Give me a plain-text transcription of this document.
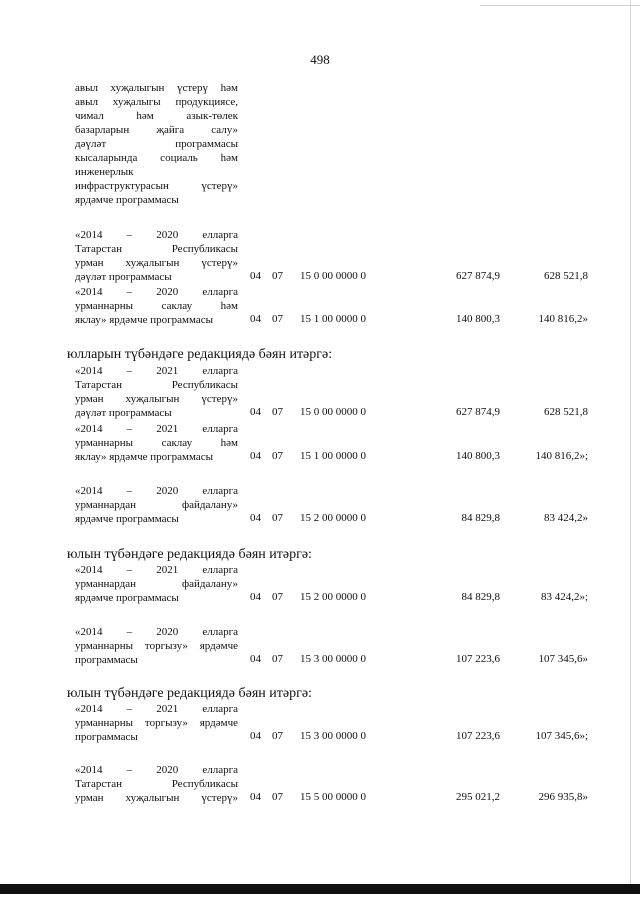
498
авыл хуҗалыгын үстерү һәм
авыл хуҗалыгы продукциясе,
чимал һәм азык-төлек
базарларын җайга салу»
дәүләт программасы
кысаларында социаль һәм
инженерлык
инфраструктурасын үстерү»
ярдәмче программасы
«2014 – 2020 елларга
Татарстан Республикасы
урман хуҗалыгын үстерү»
дәүләт программасы	04 07 15 0 00 0000 0	627 874,9	628 521,8
«2014 – 2020 елларга
урманнарны саклау һәм
яклау» ярдәмче программасы	04 07 15 1 00 0000 0	140 800,3	140 816,2»
юлларын түбәндәге редакциядә бәян итәргә:
«2014 – 2021 елларга
Татарстан Республикасы
урман хуҗалыгын үстерү»
дәүләт программасы	04 07 15 0 00 0000 0	627 874,9	628 521,8
«2014 – 2021 елларга
урманнарны саклау һәм
яклау» ярдәмче программасы	04 07 15 1 00 0000 0	140 800,3	140 816,2»;
«2014 – 2020 елларга
урманнардан файдалану»
ярдәмче программасы	04 07 15 2 00 0000 0	84 829,8	83 424,2»
юлын түбәндәге редакциядә бәян итәргә:
«2014 – 2021 елларга
урманнардан файдалану»
ярдәмче программасы	04 07 15 2 00 0000 0	84 829,8	83 424,2»;
«2014 – 2020 елларга
урманнарны торгызу» ярдәмче
программасы	04 07 15 3 00 0000 0	107 223,6	107 345,6»
юлын түбәндәге редакциядә бәян итәргә:
«2014 – 2021 елларга
урманнарны торгызу» ярдәмче
программасы	04 07 15 3 00 0000 0	107 223,6	107 345,6»;
«2014 – 2020 елларга
Татарстан Республикасы
урман хуҗалыгын үстерү» 04 07 15 5 00 0000 0	295 021,2	296 935,8»
